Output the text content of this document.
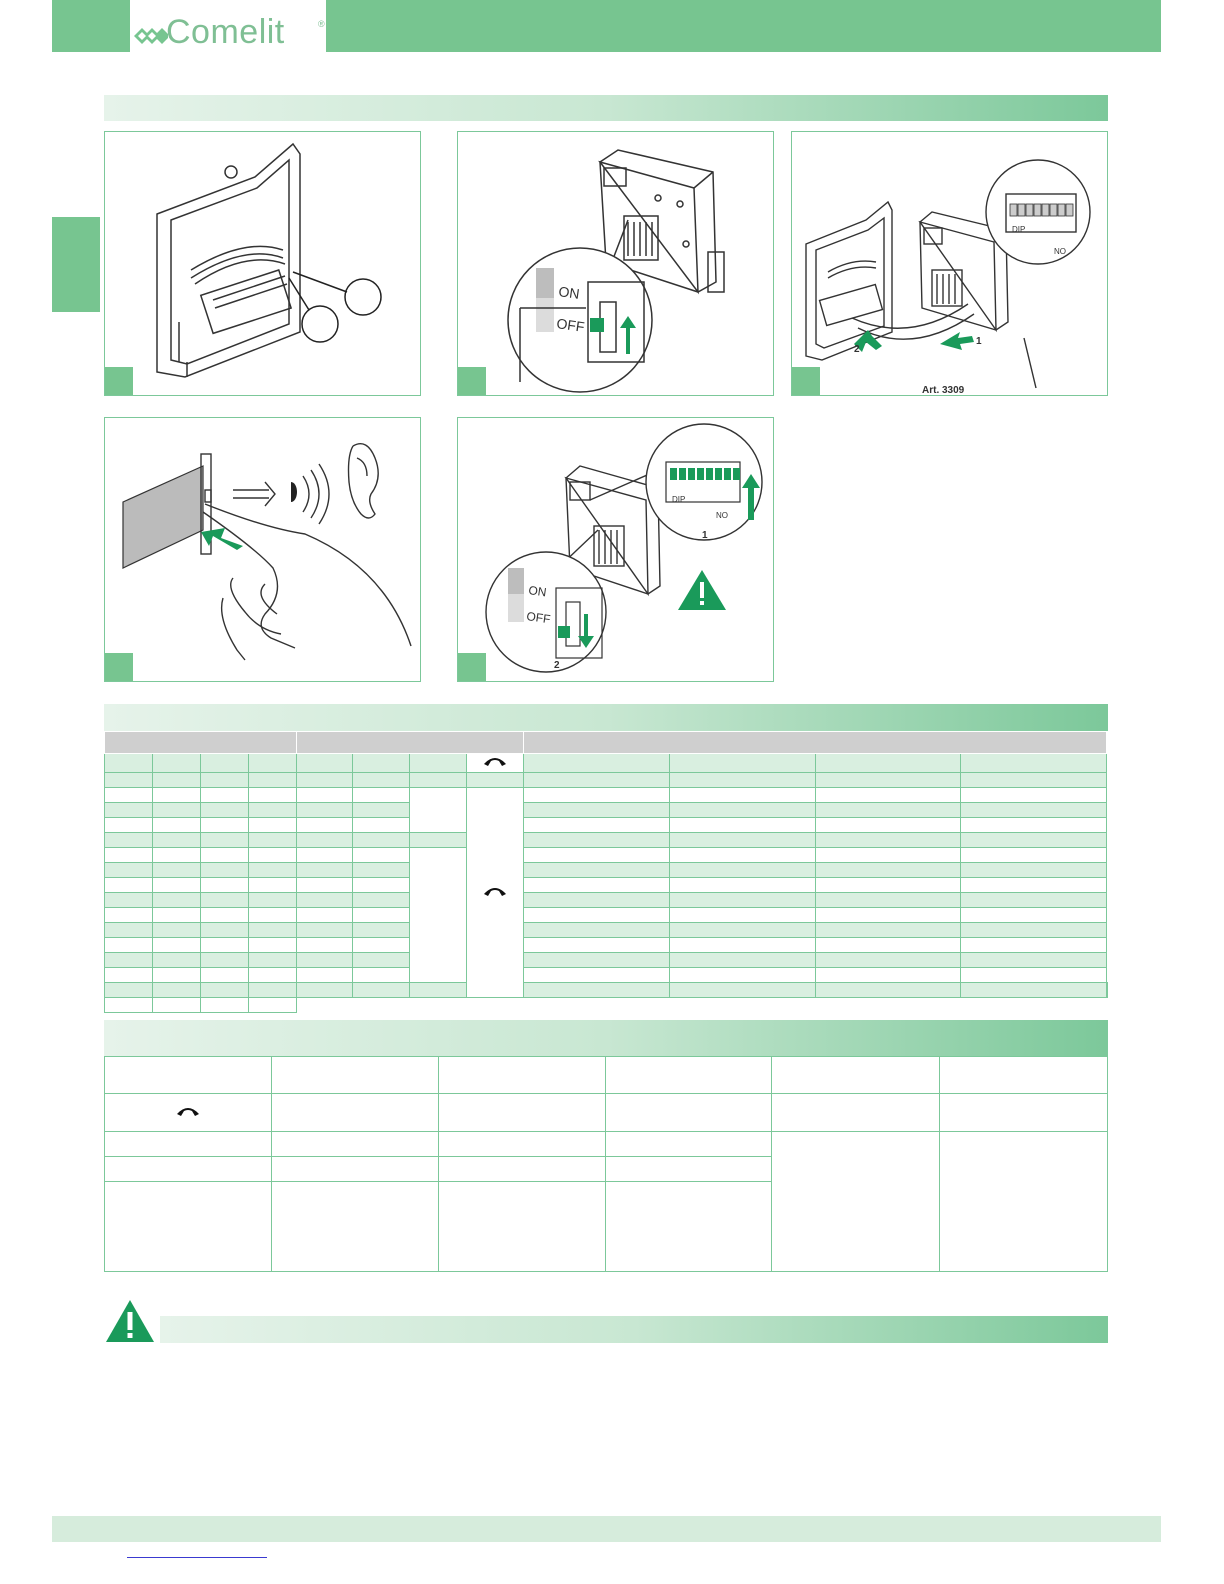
Comelit	®
ON
OFF
DIP
NO
1
2
Art. 3309
DIP
NO
1
ON
OFF
2
